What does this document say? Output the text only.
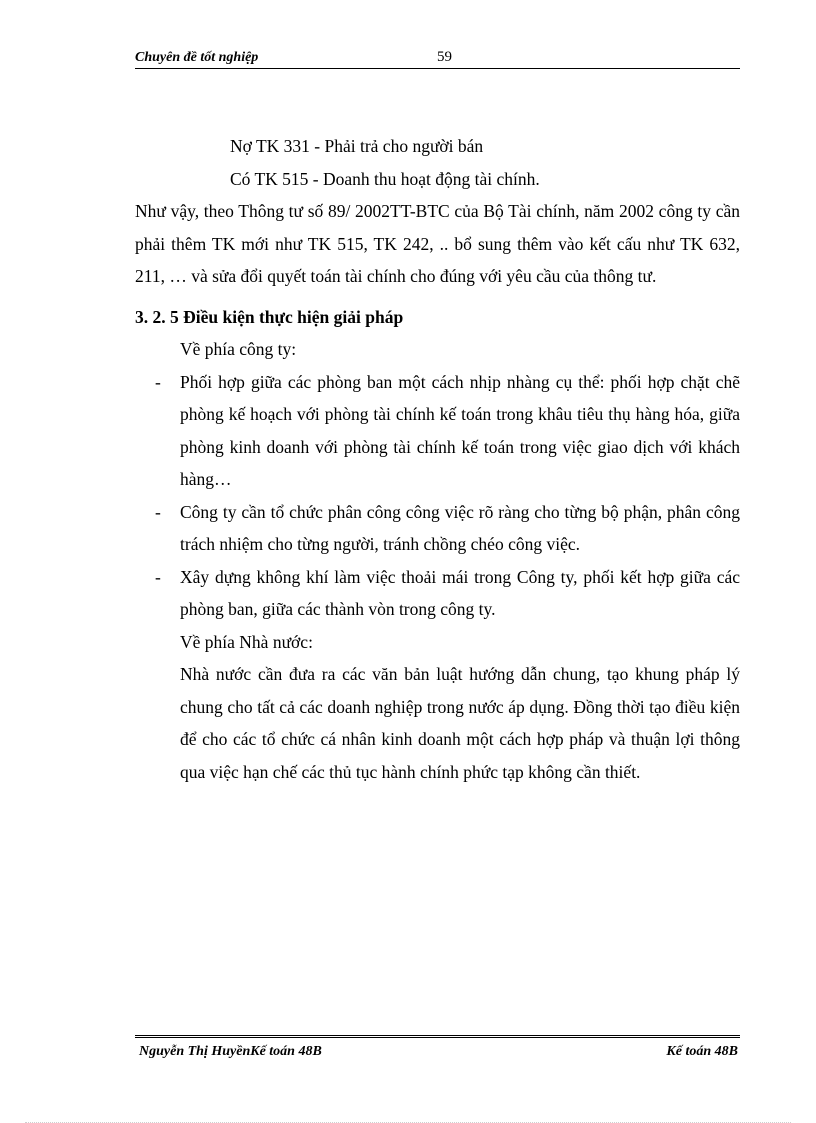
Chuyên đề tốt nghiệp	59

Nợ TK 331 - Phải trả cho người bán

Có TK 515 - Doanh thu hoạt động tài chính.

Như vậy, theo Thông tư số 89/ 2002TT-BTC của Bộ Tài chính, năm 2002 công ty cần phải thêm TK mới như TK 515, TK 242, .. bổ sung thêm vào kết cấu như TK 632, 211, … và sửa đổi quyết toán tài chính cho đúng với yêu cầu của thông tư.

3. 2. 5 Điều kiện thực hiện giải pháp

Về phía công ty:

- Phối hợp giữa các phòng ban một cách nhịp nhàng cụ thể: phối hợp chặt chẽ phòng kế hoạch với phòng tài chính kế toán trong khâu tiêu thụ hàng hóa, giữa phòng kinh doanh với phòng tài chính kế toán trong việc giao dịch với khách hàng…
- Công ty cần tổ chức phân công công việc rõ ràng cho từng bộ phận, phân công trách nhiệm cho từng người, tránh chồng chéo công việc.
- Xây dựng không khí làm việc thoải mái trong Công ty, phối kết hợp giữa các phòng ban, giữa các thành vòn trong công ty.

Về phía Nhà nước:

Nhà nước cần đưa ra các văn bản luật hướng dẫn chung, tạo khung pháp lý chung cho tất cả các doanh nghiệp trong nước áp dụng. Đồng thời tạo điều kiện để cho các tổ chức cá nhân kinh doanh một cách hợp pháp và thuận lợi thông qua việc hạn chế các thủ tục hành chính phức tạp không cần thiết.

Nguyễn Thị HuyềnKế toán 48B	Kế toán 48B
